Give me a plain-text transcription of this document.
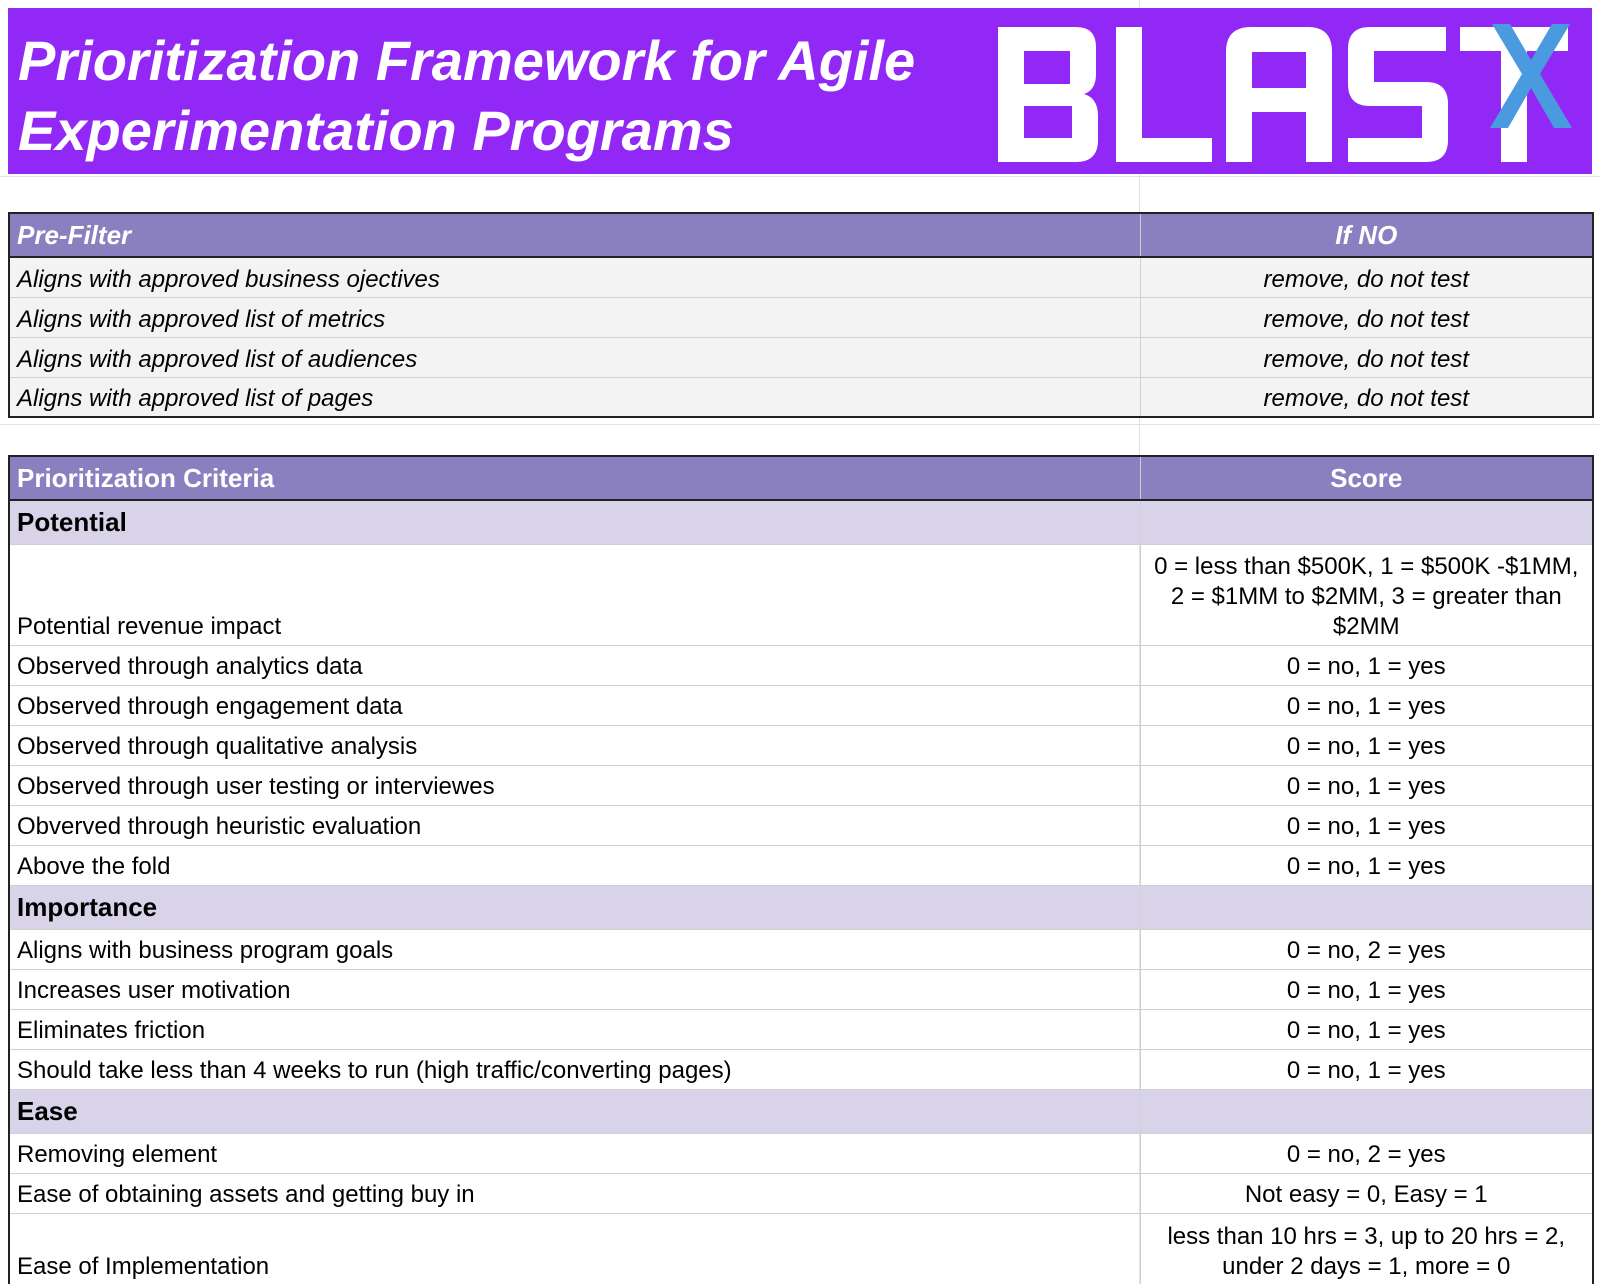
Prioritization Framework for Agile
Experimentation Programs
BLASTX
Pre-Filter	If NO
Aligns with approved business ojectives	remove, do not test
Aligns with approved list of metrics	remove, do not test
Aligns with approved list of audiences	remove, do not test
Aligns with approved list of pages	remove, do not test
Prioritization Criteria	Score
Potential	
Potential revenue impact	0 = less than $500K, 1 = $500K -$1MM, 2 = $1MM to $2MM, 3 = greater than $2MM
Observed through analytics data	0 = no, 1 = yes
Observed through engagement data	0 = no, 1 = yes
Observed through qualitative analysis	0 = no, 1 = yes
Observed through user testing or interviewes	0 = no, 1 = yes
Obverved through heuristic evaluation	0 = no, 1 = yes
Above the fold	0 = no, 1 = yes
Importance	
Aligns with business program goals	0 = no, 2 = yes
Increases user motivation	0 = no, 1 = yes
Eliminates friction	0 = no, 1 = yes
Should take less than 4 weeks to run (high traffic/converting pages)	0 = no, 1 = yes
Ease	
Removing element	0 = no, 2 = yes
Ease of obtaining assets and getting buy in	Not easy = 0, Easy = 1
Ease of Implementation	less than 10 hrs = 3, up to 20 hrs = 2, under 2 days = 1, more = 0
